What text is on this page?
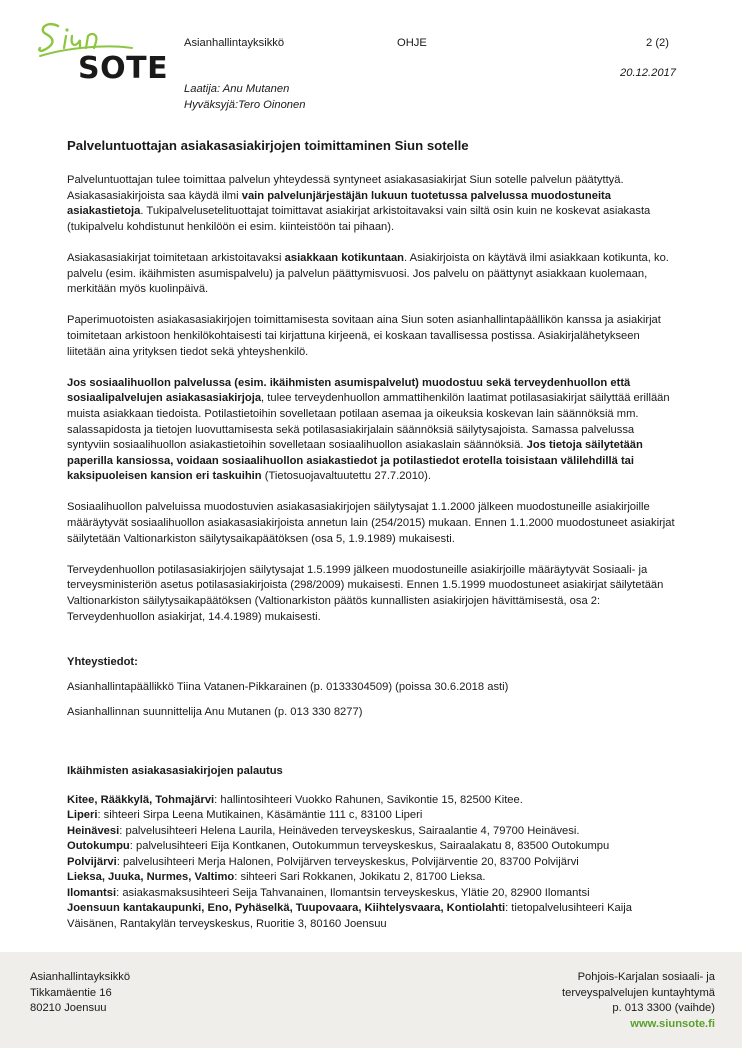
SOTE
Asianhallintayksikkö	OHJE	2 (2)
20.12.2017
Laatija: Anu Mutanen
Hyväksyjä:Tero Oinonen
Palveluntuottajan asiakasasiakirjojen toimittaminen Siun sotelle
Palveluntuottajan tulee toimittaa palvelun yhteydessä syntyneet asiakasasiakirjat Siun sotelle palvelun päätyttyä. Asiakasasiakirjoista saa käydä ilmi vain palvelunjärjestäjän lukuun tuotetussa palvelussa muodostuneita asiakastietoja. Tukipalvelusetelituottajat toimittavat asiakirjat arkistoitavaksi vain siltä osin kuin ne koskevat asiakasta (tukipalvelu kohdistunut henkilöön ei esim. kiinteistöön tai pihaan).
Asiakasasiakirjat toimitetaan arkistoitavaksi asiakkaan kotikuntaan. Asiakirjoista on käytävä ilmi asiakkaan kotikunta, ko. palvelu (esim. ikäihmisten asumispalvelu) ja palvelun päättymisvuosi. Jos palvelu on päättynyt asiakkaan kuolemaan, merkitään myös kuolinpäivä.
Paperimuotoisten asiakasasiakirjojen toimittamisesta sovitaan aina Siun soten asianhallintapäällikön kanssa ja asiakirjat toimitetaan arkistoon henkilökohtaisesti tai kirjattuna kirjeenä, ei koskaan tavallisessa postissa. Asiakirjalähetykseen liitetään aina yrityksen tiedot sekä yhteyshenkilö.
Jos sosiaalihuollon palvelussa (esim. ikäihmisten asumispalvelut) muodostuu sekä terveydenhuollon että sosiaalipalvelujen asiakasasiakirjoja, tulee terveydenhuollon ammattihenkilön laatimat potilasasiakirjat säilyttää erillään muista asiakkaan tiedoista. Potilastietoihin sovelletaan potilaan asemaa ja oikeuksia koskevan lain säännöksiä mm. salassapidosta ja tietojen luovuttamisesta sekä potilasasiakirjalain säännöksiä säilytysajoista. Samassa palvelussa syntyviin sosiaalihuollon asiakastietoihin sovelletaan sosiaalihuollon asiakaslain säännöksiä. Jos tietoja säilytetään paperilla kansiossa, voidaan sosiaalihuollon asiakastiedot ja potilastiedot erotella toisistaan välilehdillä tai kaksipuoleisen kansion eri taskuihin (Tietosuojavaltuutettu 27.7.2010).
Sosiaalihuollon palveluissa muodostuvien asiakasasiakirjojen säilytysajat 1.1.2000 jälkeen muodostuneille asiakirjoille määräytyvät sosiaalihuollon asiakasasiakirjoista annetun lain (254/2015) mukaan. Ennen 1.1.2000 muodostuneet asiakirjat säilytetään Valtionarkiston säilytysaikapäätöksen (osa 5, 1.9.1989) mukaisesti.
Terveydenhuollon potilasasiakirjojen säilytysajat 1.5.1999 jälkeen muodostuneille asiakirjoille määräytyvät Sosiaali- ja terveysministeriön asetus potilasasiakirjoista (298/2009) mukaisesti. Ennen 1.5.1999 muodostuneet asiakirjat säilytetään Valtionarkiston säilytysaikapäätöksen (Valtionarkiston päätös kunnallisten asiakirjojen hävittämisestä, osa 2: Terveydenhuollon asiakirjat, 14.4.1989) mukaisesti.
Yhteystiedot:
Asianhallintapäällikkö Tiina Vatanen-Pikkarainen (p. 0133304509) (poissa 30.6.2018 asti)
Asianhallinnan suunnittelija Anu Mutanen (p. 013 330 8277)
Ikäihmisten asiakasasiakirjojen palautus
Kitee, Rääkkylä, Tohmajärvi: hallintosihteeri Vuokko Rahunen, Savikontie 15, 82500 Kitee.
Liperi: sihteeri Sirpa Leena Mutikainen, Käsämäntie 111 c, 83100 Liperi
Heinävesi: palvelusihteeri Helena Laurila, Heinäveden terveyskeskus, Sairaalantie 4, 79700 Heinävesi.
Outokumpu: palvelusihteeri Eija Kontkanen, Outokummun terveyskeskus, Sairaalakatu 8, 83500 Outokumpu
Polvijärvi: palvelusihteeri Merja Halonen, Polvijärven terveyskeskus, Polvijärventie 20, 83700 Polvijärvi
Lieksa, Juuka, Nurmes, Valtimo: sihteeri Sari Rokkanen, Jokikatu 2, 81700 Lieksa.
Ilomantsi: asiakasmaksusihteeri Seija Tahvanainen, Ilomantsin terveyskeskus, Ylätie 20, 82900 Ilomantsi
Joensuun kantakaupunki, Eno, Pyhäselkä, Tuupovaara, Kiihtelysvaara, Kontiolahti: tietopalvelusihteeri Kaija Väisänen, Rantakylän terveyskeskus, Ruoritie 3, 80160 Joensuu
Asianhallintayksikkö
Tikkamäentie 16
80210 Joensuu
Pohjois-Karjalan sosiaali- ja
terveyspalvelujen kuntayhtymä
p. 013 3300 (vaihde)
www.siunsote.fi
